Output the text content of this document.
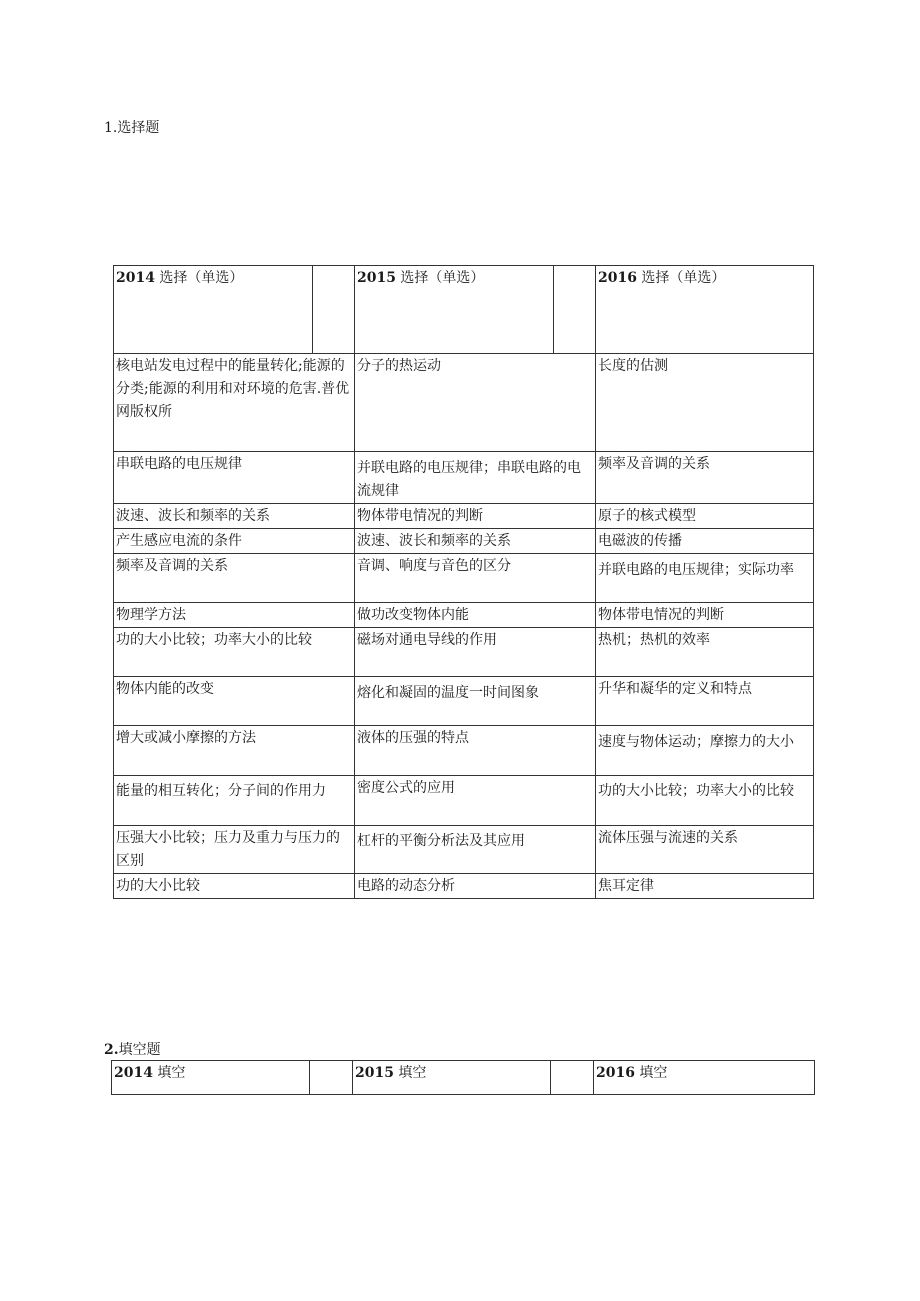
1.选择题
2014 选择（单选）		2015 选择（单选）		2016 选择（单选）
核电站发电过程中的能量转化;能源的分类;能源的利用和对环境的危害.普优网版权所		分子的热运动		长度的估测
串联电路的电压规律		并联电路的电压规律；串联电路的电流规律		频率及音调的关系
波速、波长和频率的关系		物体带电情况的判断		原子的核式模型
产生感应电流的条件		波速、波长和频率的关系		电磁波的传播
频率及音调的关系		音调、响度与音色的区分		并联电路的电压规律；实际功率
物理学方法		做功改变物体内能		物体带电情况的判断
功的大小比较；功率大小的比较		磁场对通电导线的作用		热机；热机的效率
物体内能的改变		熔化和凝固的温度一时间图象		升华和凝华的定义和特点
增大或减小摩擦的方法		液体的压强的特点		速度与物体运动；摩擦力的大小
能量的相互转化；分子间的作用力		密度公式的应用		功的大小比较；功率大小的比较
压强大小比较；压力及重力与压力的区别		杠杆的平衡分析法及其应用		流体压强与流速的关系
功的大小比较		电路的动态分析		焦耳定律
2.填空题
2014 填空		2015 填空		2016 填空
